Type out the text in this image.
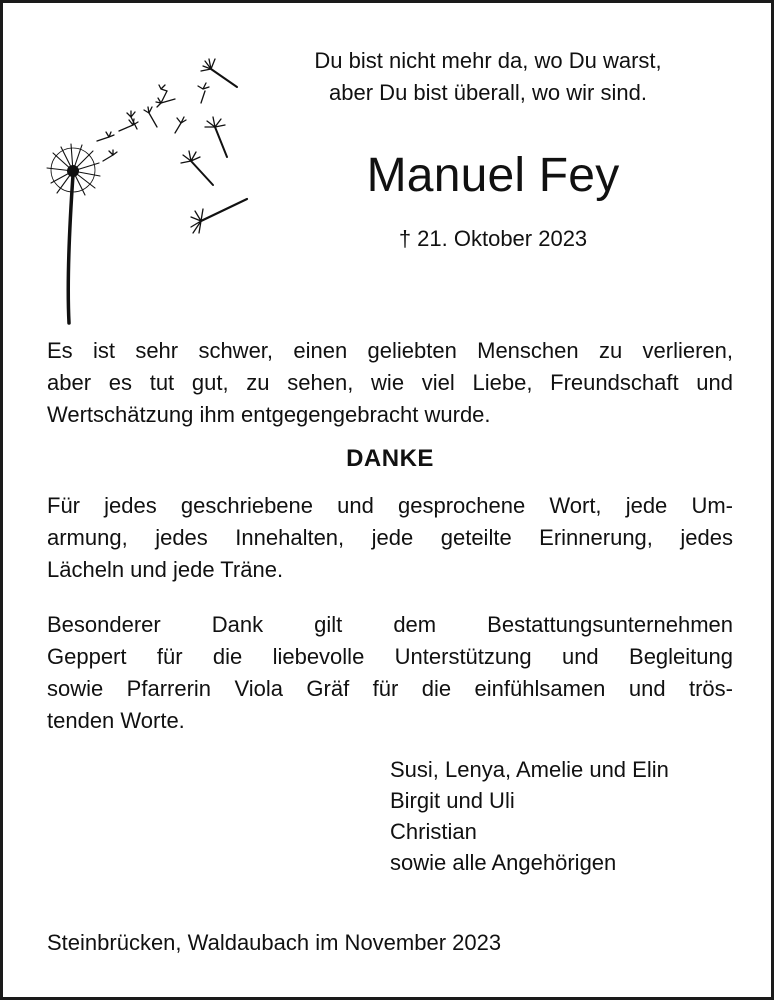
Du bist nicht mehr da, wo Du warst,
aber Du bist überall, wo wir sind.
Manuel Fey
† 21. Oktober 2023
Es ist sehr schwer, einen geliebten Menschen zu verlieren,
aber es tut gut, zu sehen, wie viel Liebe, Freundschaft und
Wertschätzung ihm entgegengebracht wurde.
DANKE
Für jedes geschriebene und gesprochene Wort, jede Um-
armung, jedes Innehalten, jede geteilte Erinnerung, jedes
Lächeln und jede Träne.
Besonderer Dank gilt dem Bestattungsunternehmen
Geppert für die liebevolle Unterstützung und Begleitung
sowie Pfarrerin Viola Gräf für die einfühlsamen und trös-
tenden Worte.
Susi, Lenya, Amelie und Elin
Birgit und Uli
Christian
sowie alle Angehörigen
Steinbrücken, Waldaubach im November 2023
